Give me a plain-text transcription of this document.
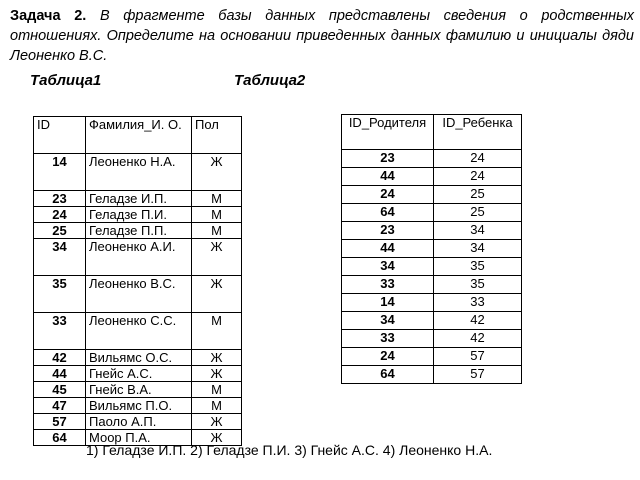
Задача 2. В фрагменте базы данных представлены сведения о родственных отношениях. Определите на основании приведенных данных фамилию и инициалы дяди Леоненко В.С.

Таблица1	Таблица2
ID	Фамилия_И. О.	Пол
14	Леоненко Н.А.	Ж
23	Геладзе И.П.	М
24	Геладзе П.И.	М
25	Геладзе П.П.	М
34	Леоненко А.И.	Ж
35	Леоненко В.С.	Ж
33	Леоненко С.С.	М
42	Вильямс О.С.	Ж
44	Гнейс А.С.	Ж
45	Гнейс В.А.	М
47	Вильямс П.О.	М
57	Паоло А.П.	Ж
64	Моор П.А.	Ж
ID_Родителя	ID_Ребенка
23	24
44	24
24	25
64	25
23	34
44	34
34	35
33	35
14	33
34	42
33	42
24	57
64	57

1) Геладзе И.П. 2) Геладзе П.И. 3) Гнейс А.С. 4) Леоненко Н.А.
